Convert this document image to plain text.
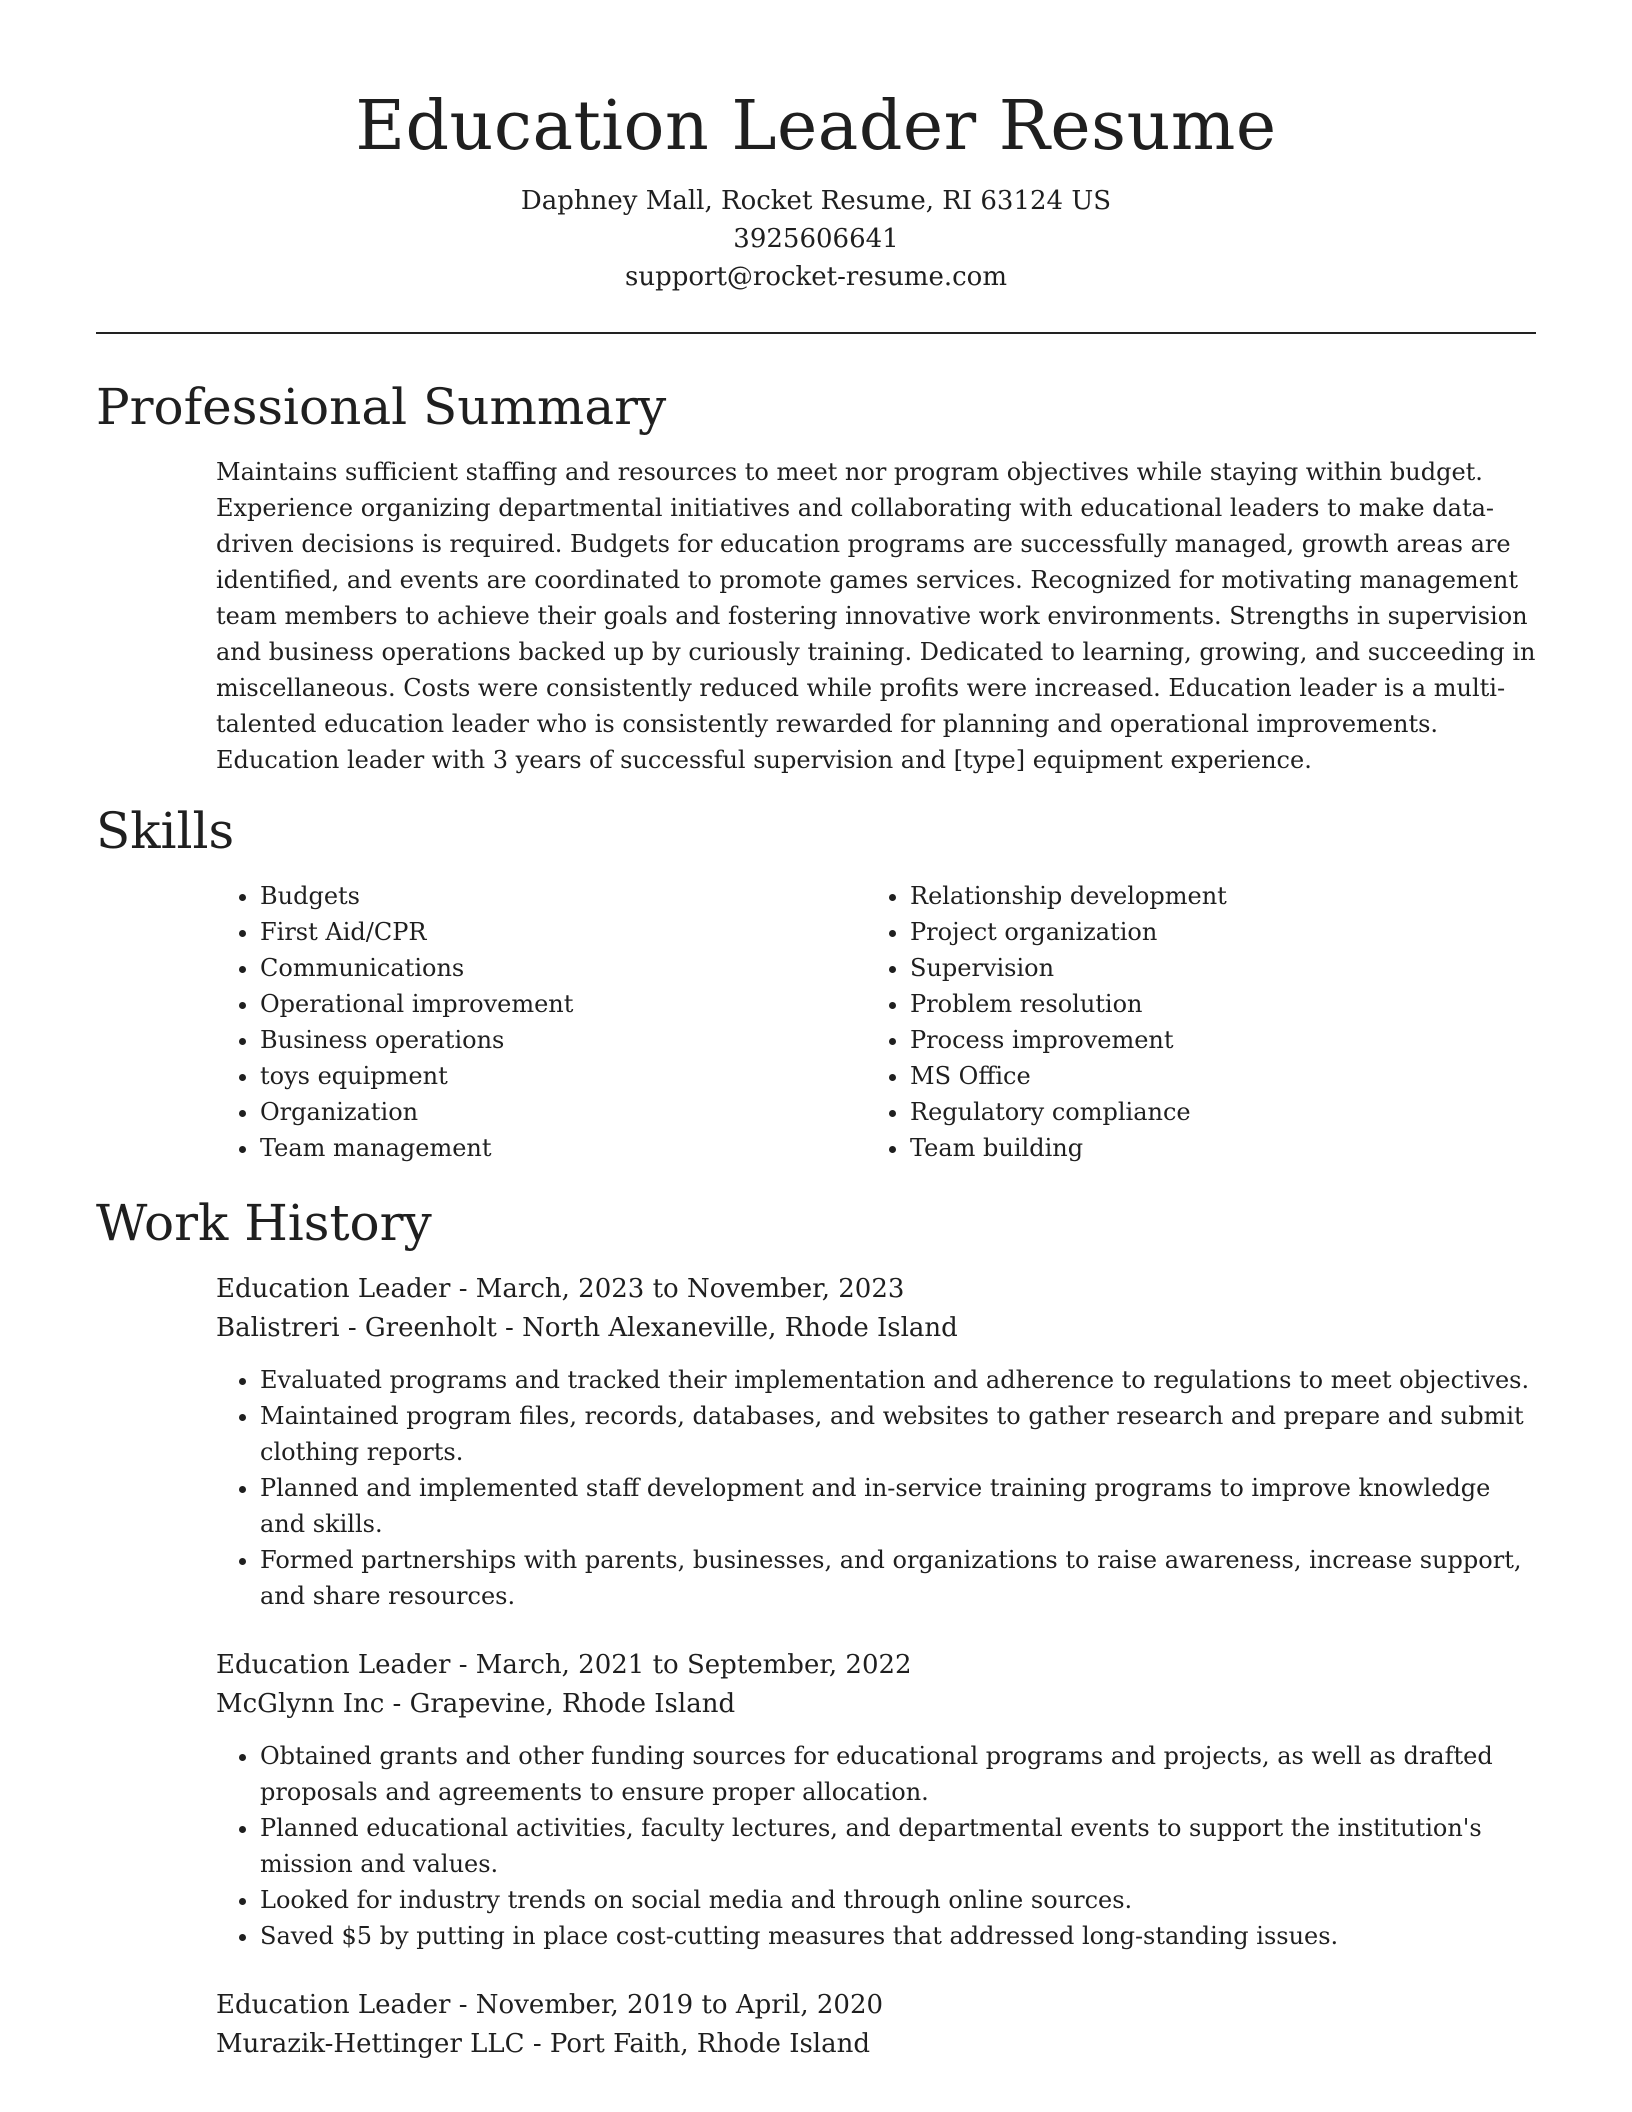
Education Leader Resume
Daphney Mall, Rocket Resume, RI 63124 US
3925606641
support@rocket-resume.com
Professional Summary
Maintains sufficient staffing and resources to meet nor program objectives while staying within budget. Experience organizing departmental initiatives and collaborating with educational leaders to make data-driven decisions is required. Budgets for education programs are successfully managed, growth areas are identified, and events are coordinated to promote games services. Recognized for motivating management team members to achieve their goals and fostering innovative work environments. Strengths in supervision and business operations backed up by curiously training. Dedicated to learning, growing, and succeeding in miscellaneous. Costs were consistently reduced while profits were increased. Education leader is a multi-talented education leader who is consistently rewarded for planning and operational improvements. Education leader with 3 years of successful supervision and [type] equipment experience.
Skills
• Budgets
• First Aid/CPR
• Communications
• Operational improvement
• Business operations
• toys equipment
• Organization
• Team management
• Relationship development
• Project organization
• Supervision
• Problem resolution
• Process improvement
• MS Office
• Regulatory compliance
• Team building
Work History
Education Leader - March, 2023 to November, 2023
Balistreri - Greenholt - North Alexaneville, Rhode Island
• Evaluated programs and tracked their implementation and adherence to regulations to meet objectives.
• Maintained program files, records, databases, and websites to gather research and prepare and submit clothing reports.
• Planned and implemented staff development and in-service training programs to improve knowledge and skills.
• Formed partnerships with parents, businesses, and organizations to raise awareness, increase support, and share resources.
Education Leader - March, 2021 to September, 2022
McGlynn Inc - Grapevine, Rhode Island
• Obtained grants and other funding sources for educational programs and projects, as well as drafted proposals and agreements to ensure proper allocation.
• Planned educational activities, faculty lectures, and departmental events to support the institution's mission and values.
• Looked for industry trends on social media and through online sources.
• Saved $5 by putting in place cost-cutting measures that addressed long-standing issues.
Education Leader - November, 2019 to April, 2020
Murazik-Hettinger LLC - Port Faith, Rhode Island
